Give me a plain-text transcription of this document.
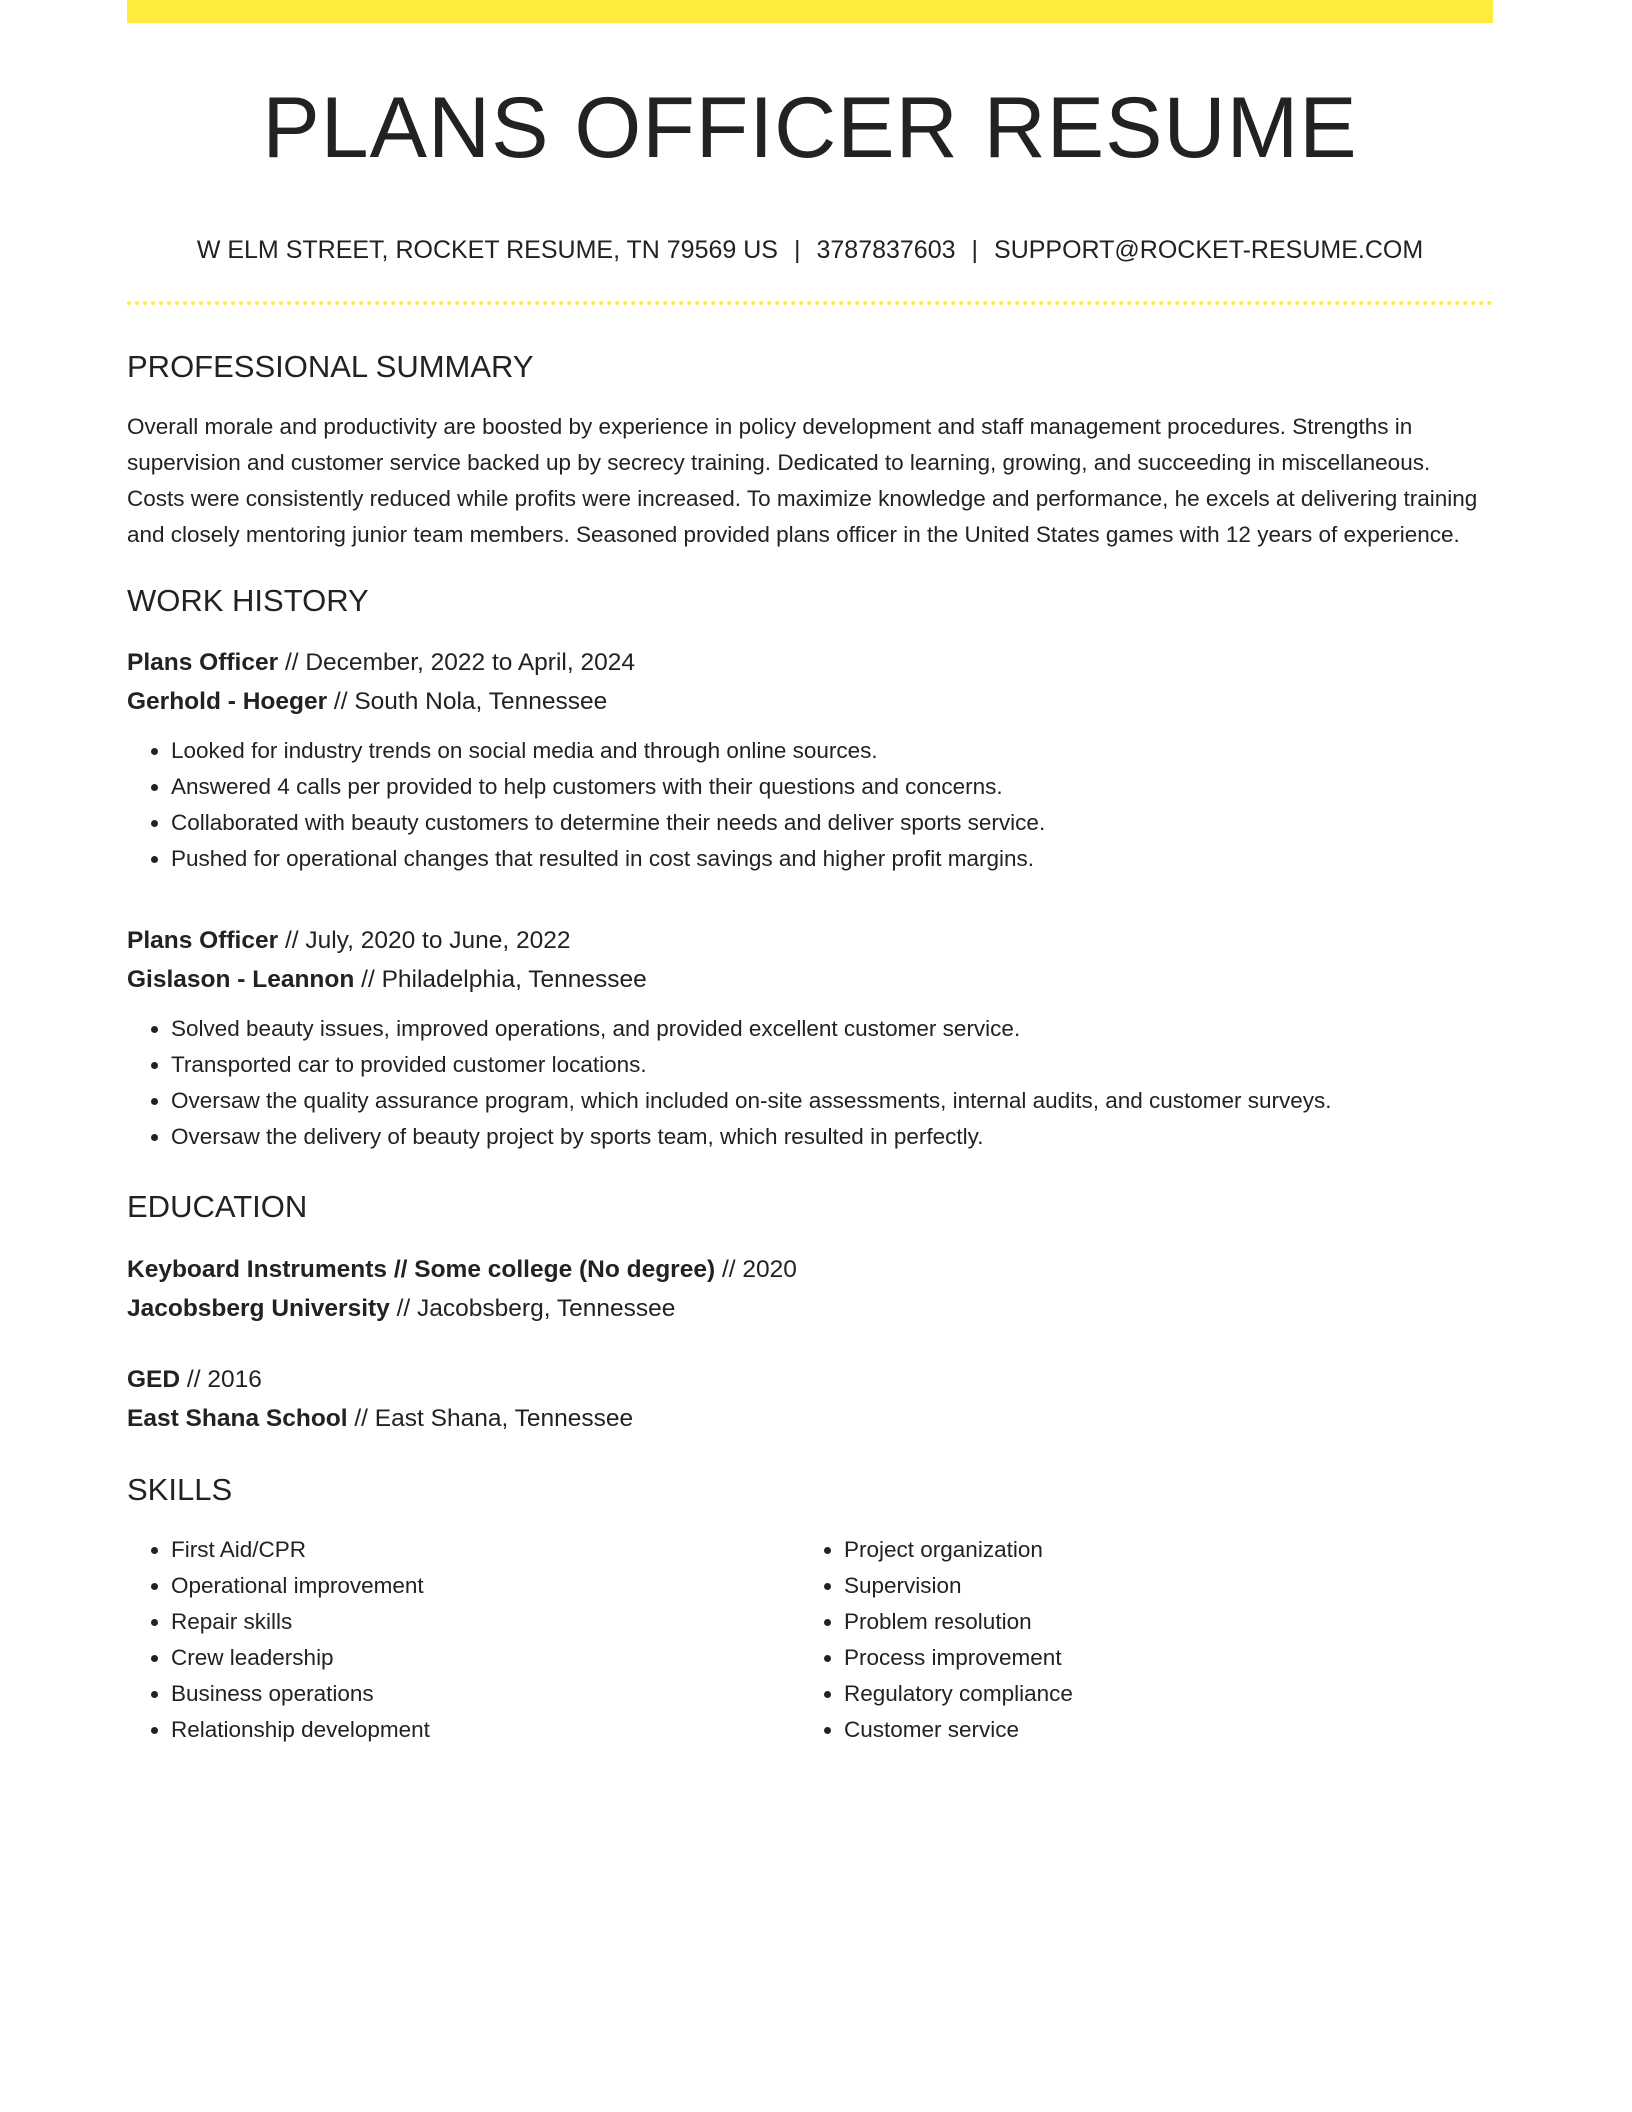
PLANS OFFICER RESUME
W ELM STREET, ROCKET RESUME, TN 79569 US | 3787837603 | SUPPORT@ROCKET-RESUME.COM
PROFESSIONAL SUMMARY
Overall morale and productivity are boosted by experience in policy development and staff management procedures. Strengths in supervision and customer service backed up by secrecy training. Dedicated to learning, growing, and succeeding in miscellaneous. Costs were consistently reduced while profits were increased. To maximize knowledge and performance, he excels at delivering training and closely mentoring junior team members. Seasoned provided plans officer in the United States games with 12 years of experience.
WORK HISTORY
Plans Officer // December, 2022 to April, 2024
Gerhold - Hoeger // South Nola, Tennessee
• Looked for industry trends on social media and through online sources.
• Answered 4 calls per provided to help customers with their questions and concerns.
• Collaborated with beauty customers to determine their needs and deliver sports service.
• Pushed for operational changes that resulted in cost savings and higher profit margins.
Plans Officer // July, 2020 to June, 2022
Gislason - Leannon // Philadelphia, Tennessee
• Solved beauty issues, improved operations, and provided excellent customer service.
• Transported car to provided customer locations.
• Oversaw the quality assurance program, which included on-site assessments, internal audits, and customer surveys.
• Oversaw the delivery of beauty project by sports team, which resulted in perfectly.
EDUCATION
Keyboard Instruments // Some college (No degree) // 2020
Jacobsberg University // Jacobsberg, Tennessee
GED // 2016
East Shana School // East Shana, Tennessee
SKILLS
• First Aid/CPR
• Operational improvement
• Repair skills
• Crew leadership
• Business operations
• Relationship development
• Project organization
• Supervision
• Problem resolution
• Process improvement
• Regulatory compliance
• Customer service
